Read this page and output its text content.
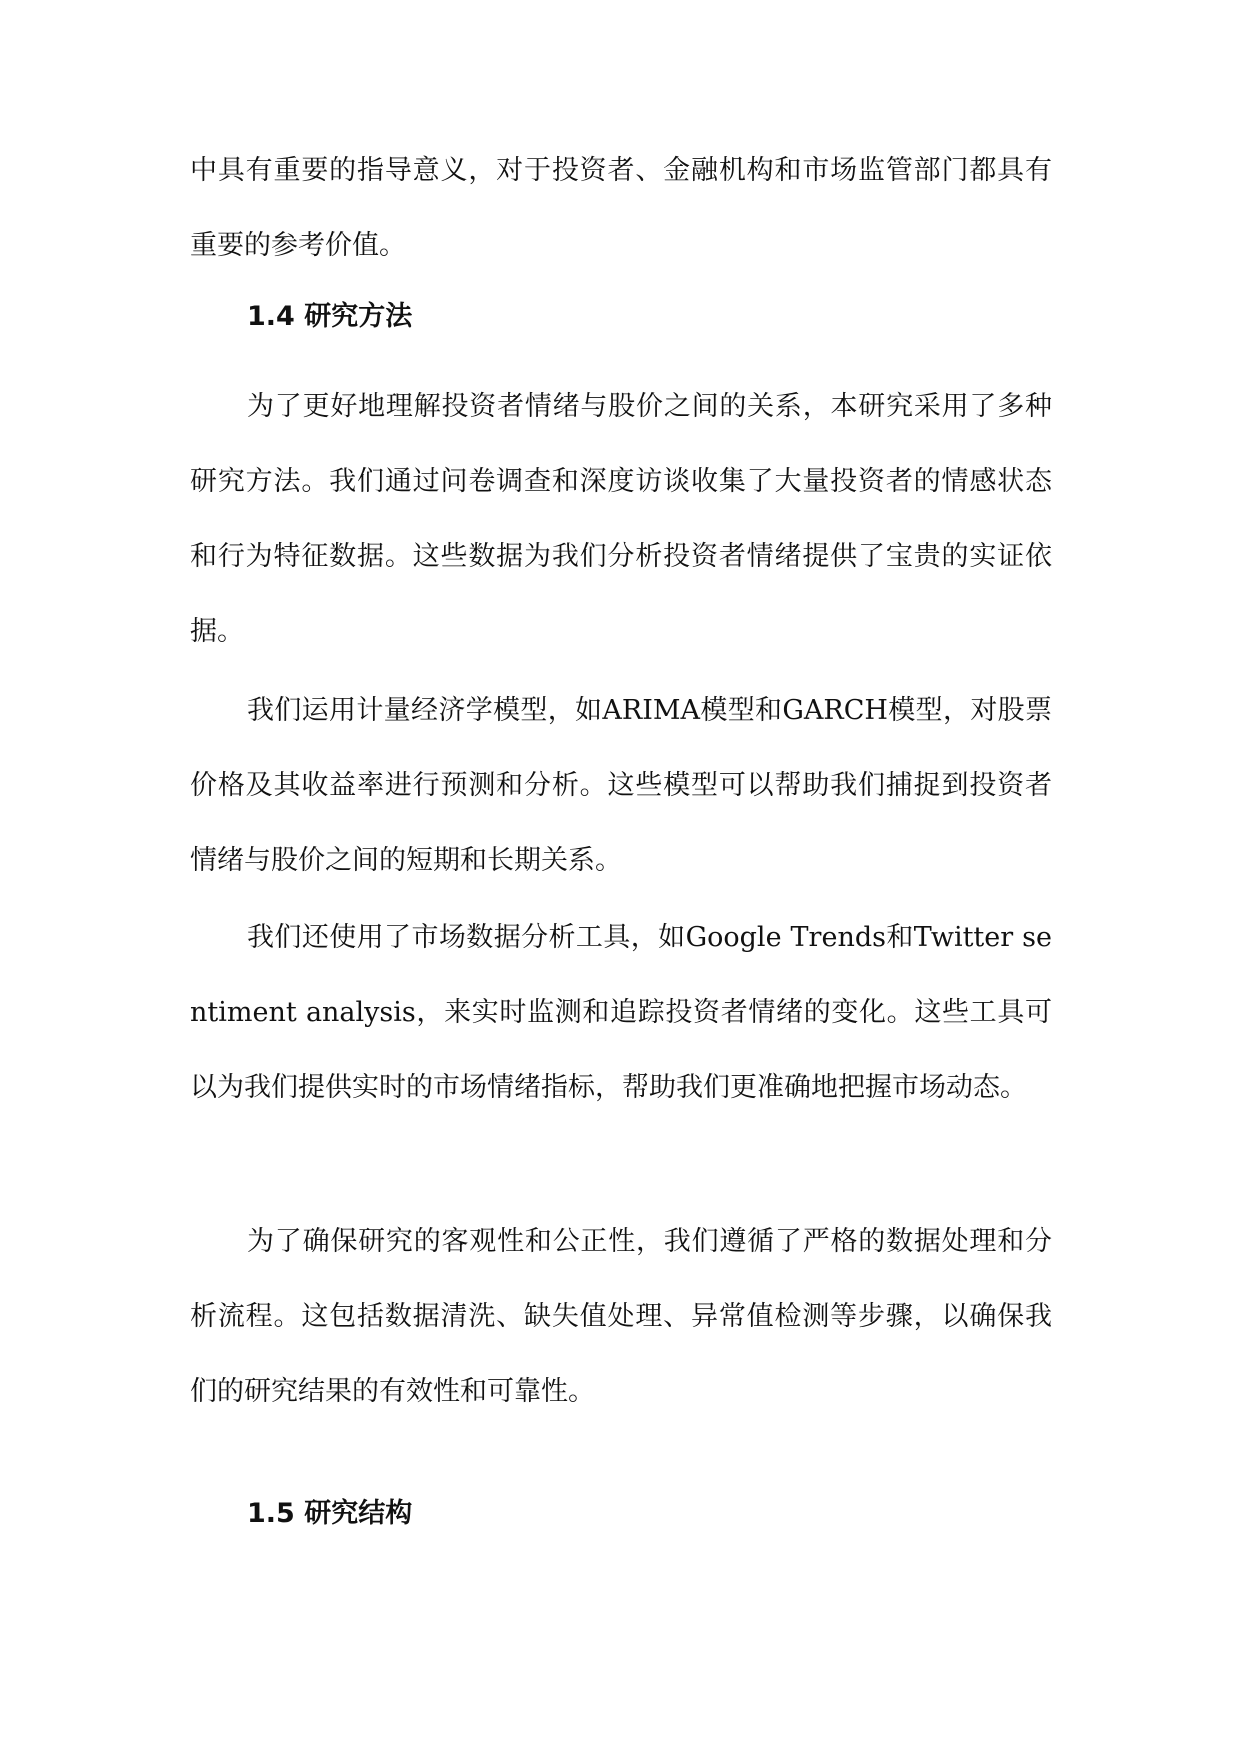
中具有重要的指导意义，对于投资者、金融机构和市场监管部门都具有重要的参考价值。
1.4 研究方法
为了更好地理解投资者情绪与股价之间的关系，本研究采用了多种研究方法。我们通过问卷调查和深度访谈收集了大量投资者的情感状态和行为特征数据。这些数据为我们分析投资者情绪提供了宝贵的实证依据。
我们运用计量经济学模型，如ARIMA模型和GARCH模型，对股票价格及其收益率进行预测和分析。这些模型可以帮助我们捕捉到投资者情绪与股价之间的短期和长期关系。
我们还使用了市场数据分析工具，如Google Trends和Twitter sentiment analysis，来实时监测和追踪投资者情绪的变化。这些工具可以为我们提供实时的市场情绪指标，帮助我们更准确地把握市场动态。
为了确保研究的客观性和公正性，我们遵循了严格的数据处理和分析流程。这包括数据清洗、缺失值处理、异常值检测等步骤，以确保我们的研究结果的有效性和可靠性。
1.5 研究结构
